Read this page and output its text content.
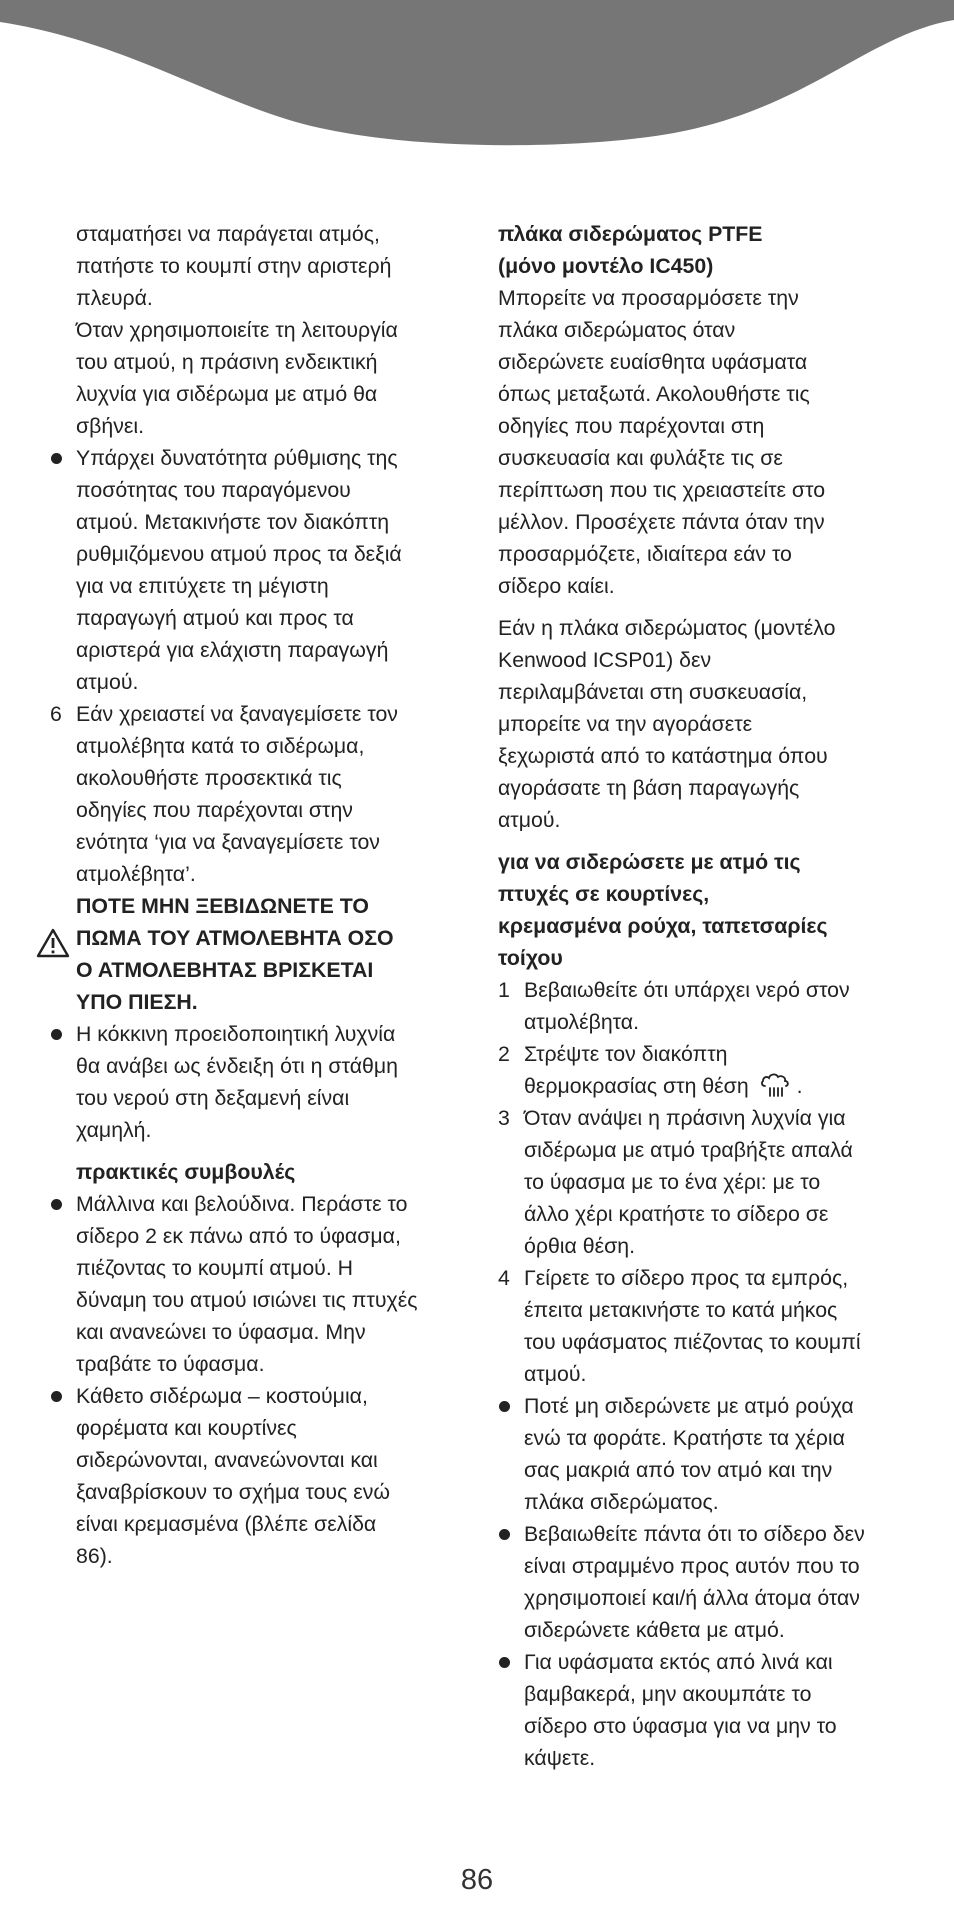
σταματήσει να παράγεται ατμός,

πατήστε το κουμπί στην αριστερή

πλευρά.

Όταν χρησιμοποιείτε τη λειτουργία

του ατμού, η πράσινη ενδεικτική

λυχνία για σιδέρωμα με ατμό θα

σβήνει.

Υπάρχει δυνατότητα ρύθμισης της

ποσότητας του παραγόμενου

ατμού. Μετακινήστε τον διακόπτη

ρυθμιζόμενου ατμού προς τα δεξιά

για να επιτύχετε τη μέγιστη

παραγωγή ατμού και προς τα

αριστερά για ελάχιστη παραγωγή

ατμού.

6 Εάν χρειαστεί να ξαναγεμίσετε τον

ατμολέβητα κατά το σιδέρωμα,

ακολουθήστε προσεκτικά τις

οδηγίες που παρέχονται στην

ενότητα ‘για να ξαναγεμίσετε τον

ατμολέβητα’.

ΠΟΤΕ ΜΗΝ ΞΕΒΙΔΩΝΕΤΕ ΤΟ

ΠΩΜΑ ΤΟΥ ΑΤΜΟΛΕΒΗΤΑ ΟΣΟ

Ο ΑΤΜΟΛΕΒΗΤΑΣ ΒΡΙΣΚΕΤΑΙ

ΥΠΟ ΠΙΕΣΗ.

Η κόκκινη προειδοποιητική λυχνία

θα ανάβει ως ένδειξη ότι η στάθμη

του νερού στη δεξαμενή είναι

χαμηλή.

πρακτικές συμβουλές

Μάλλινα και βελούδινα. Περάστε το

σίδερο 2 εκ πάνω από το ύφασμα,

πιέζοντας το κουμπί ατμού. Η

δύναμη του ατμού ισιώνει τις πτυχές

και ανανεώνει το ύφασμα. Μην

τραβάτε το ύφασμα.

Κάθετο σιδέρωμα – κοστούμια,

φορέματα και κουρτίνες

σιδερώνονται, ανανεώνονται και

ξαναβρίσκουν το σχήμα τους ενώ

είναι κρεμασμένα (βλέπε σελίδα

86).

πλάκα σιδερώματος PTFE

(μόνο μοντέλο IC450)

Μπορείτε να προσαρμόσετε την

πλάκα σιδερώματος όταν

σιδερώνετε ευαίσθητα υφάσματα

όπως μεταξωτά. Ακολουθήστε τις

οδηγίες που παρέχονται στη

συσκευασία και φυλάξτε τις σε

περίπτωση που τις χρειαστείτε στο

μέλλον. Προσέχετε πάντα όταν την

προσαρμόζετε, ιδιαίτερα εάν το

σίδερο καίει.

Εάν η πλάκα σιδερώματος (μοντέλο

Kenwood ICSP01) δεν

περιλαμβάνεται στη συσκευασία,

μπορείτε να την αγοράσετε

ξεχωριστά από το κατάστημα όπου

αγοράσατε τη βάση παραγωγής

ατμού.

για να σιδερώσετε με ατμό τις

πτυχές σε κουρτίνες,

κρεμασμένα ρούχα, ταπετσαρίες

τοίχου

1 Βεβαιωθείτε ότι υπάρχει νερό στον

ατμολέβητα.

2 Στρέψτε τον διακόπτη

θερμοκρασίας στη θέση .

3 Όταν ανάψει η πράσινη λυχνία για

σιδέρωμα με ατμό τραβήξτε απαλά

το ύφασμα με το ένα χέρι: με το

άλλο χέρι κρατήστε το σίδερο σε

όρθια θέση.

4 Γείρετε το σίδερο προς τα εμπρός,

έπειτα μετακινήστε το κατά μήκος

του υφάσματος πιέζοντας το κουμπί

ατμού.

Ποτέ μη σιδερώνετε με ατμό ρούχα

ενώ τα φοράτε. Κρατήστε τα χέρια

σας μακριά από τον ατμό και την

πλάκα σιδερώματος.

Βεβαιωθείτε πάντα ότι το σίδερο δεν

είναι στραμμένο προς αυτόν που το

χρησιμοποιεί και/ή άλλα άτομα όταν

σιδερώνετε κάθετα με ατμό.

Για υφάσματα εκτός από λινά και

βαμβακερά, μην ακουμπάτε το

σίδερο στο ύφασμα για να μην το

κάψετε.

86
